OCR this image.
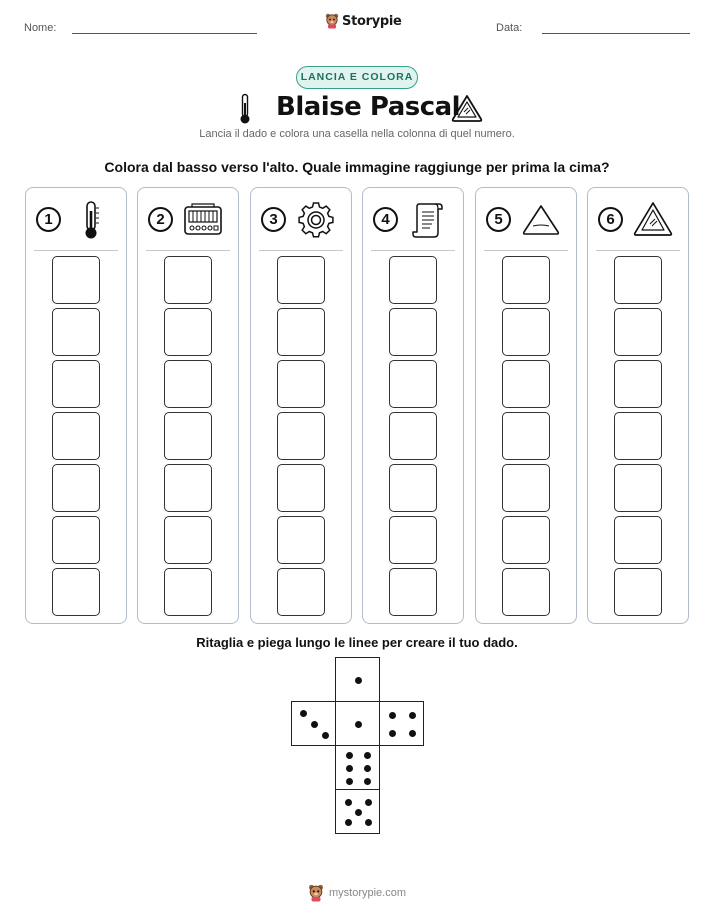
Nome:	Data:
Storypie
LANCIA E COLORA
Blaise Pascal
Lancia il dado e colora una casella nella colonna di quel numero.
Colora dal basso verso l'alto. Quale immagine raggiunge per prima la cima?
1	2	3	4	5	6
Ritaglia e piega lungo le linee per creare il tuo dado.
mystorypie.com
